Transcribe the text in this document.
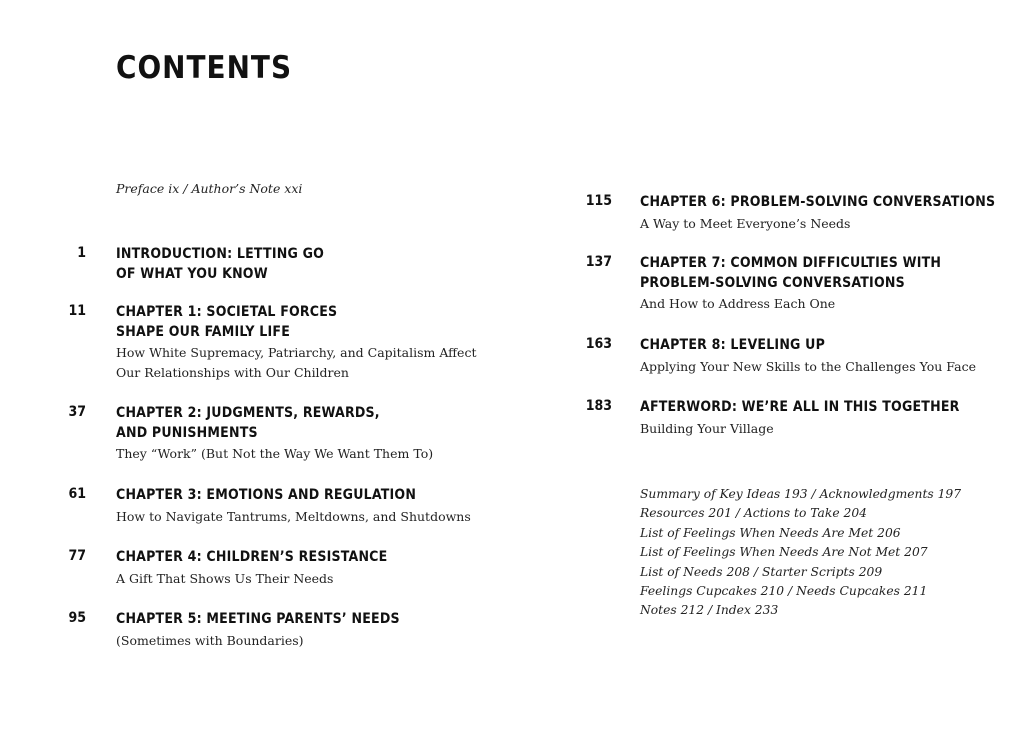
CONTENTS
Preface ix / Author’s Note xxi
1 INTRODUCTION: LETTING GO
OF WHAT YOU KNOW
11 CHAPTER 1: SOCIETAL FORCES
SHAPE OUR FAMILY LIFE
How White Supremacy, Patriarchy, and Capitalism Affect
Our Relationships with Our Children
37 CHAPTER 2: JUDGMENTS, REWARDS,
AND PUNISHMENTS
They “Work” (But Not the Way We Want Them To)
61 CHAPTER 3: EMOTIONS AND REGULATION
How to Navigate Tantrums, Meltdowns, and Shutdowns
77 CHAPTER 4: CHILDREN’S RESISTANCE
A Gift That Shows Us Their Needs
95 CHAPTER 5: MEETING PARENTS’ NEEDS
(Sometimes with Boundaries)
115 CHAPTER 6: PROBLEM-SOLVING CONVERSATIONS
A Way to Meet Everyone’s Needs
137 CHAPTER 7: COMMON DIFFICULTIES WITH
PROBLEM-SOLVING CONVERSATIONS
And How to Address Each One
163 CHAPTER 8: LEVELING UP
Applying Your New Skills to the Challenges You Face
183 AFTERWORD: WE’RE ALL IN THIS TOGETHER
Building Your Village
Summary of Key Ideas 193 / Acknowledgments 197
Resources 201 / Actions to Take 204
List of Feelings When Needs Are Met 206
List of Feelings When Needs Are Not Met 207
List of Needs 208 / Starter Scripts 209
Feelings Cupcakes 210 / Needs Cupcakes 211
Notes 212 / Index 233
